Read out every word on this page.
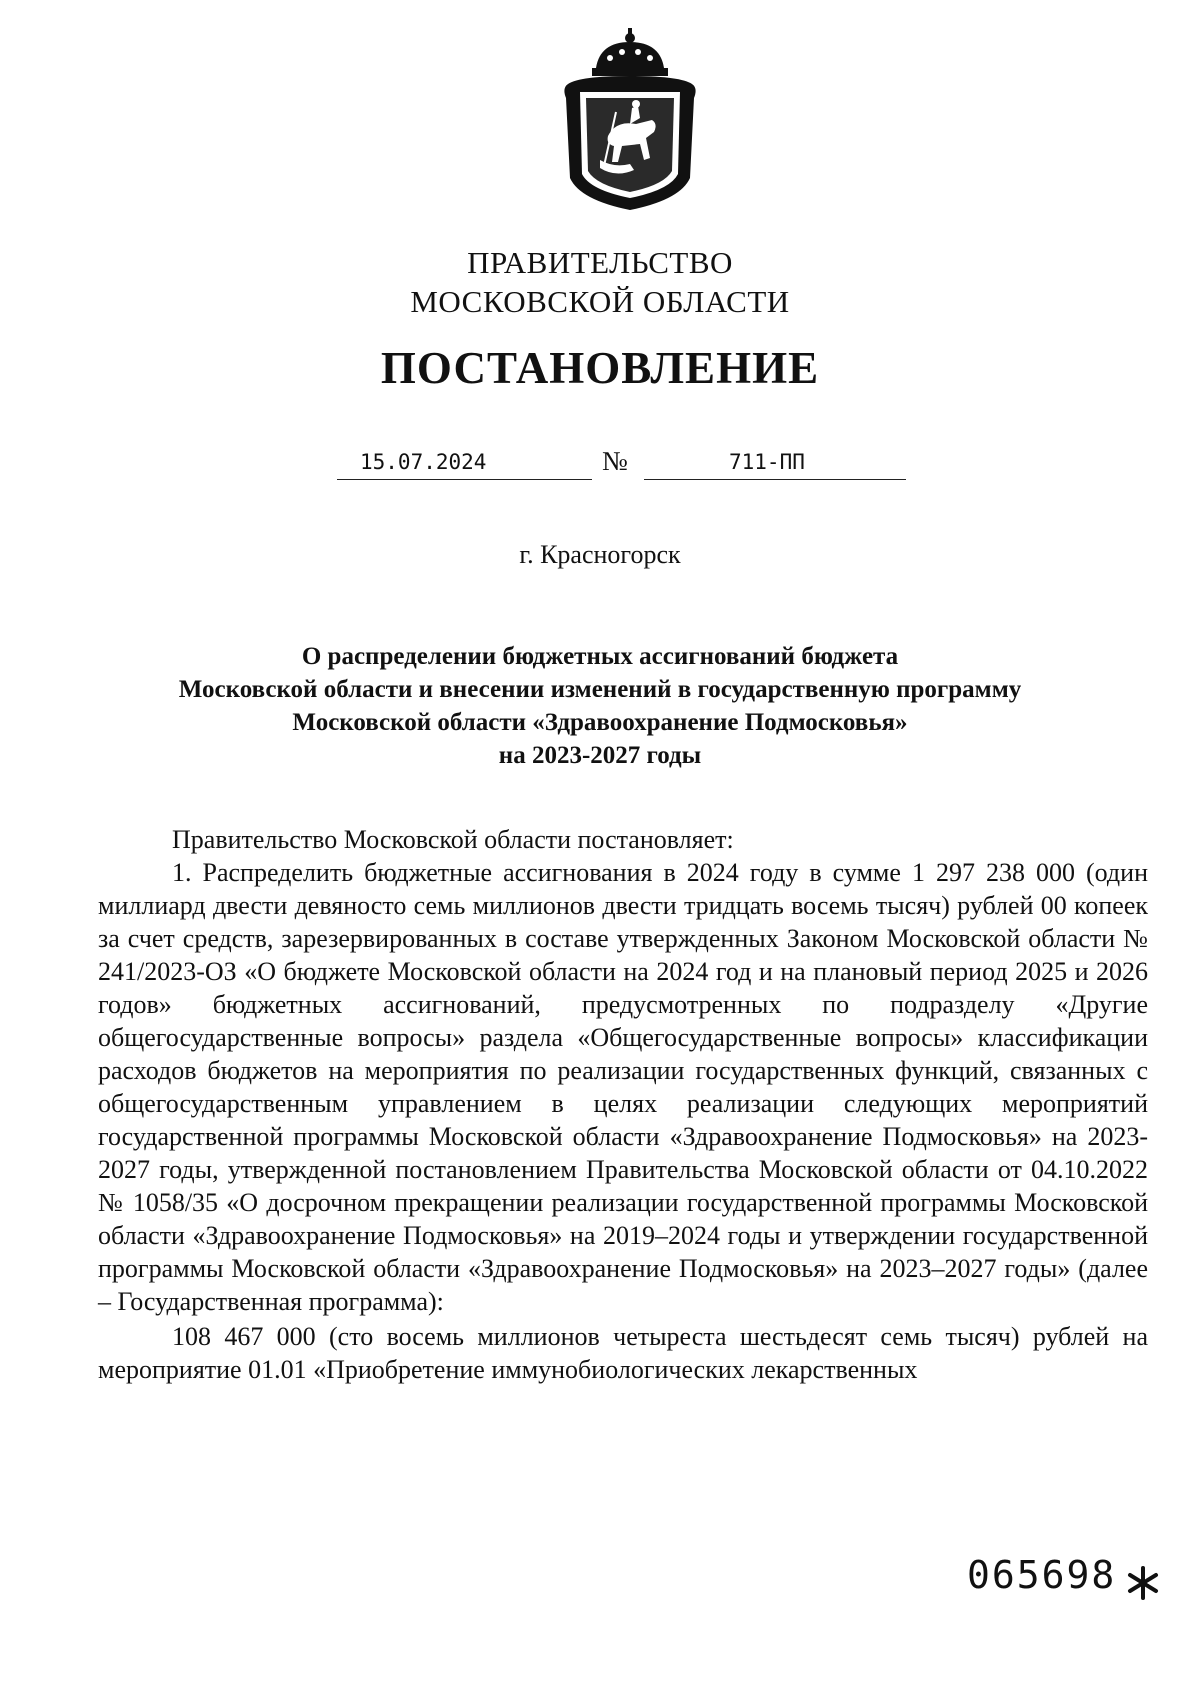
ПРАВИТЕЛЬСТВО
МОСКОВСКОЙ ОБЛАСТИ
ПОСТАНОВЛЕНИЕ
15.07.2024	№	711-ПП
г. Красногорск
О распределении бюджетных ассигнований бюджета
Московской области и внесении изменений в государственную программу
Московской области «Здравоохранение Подмосковья»
на 2023-2027 годы

Правительство Московской области постановляет:

1. Распределить бюджетные ассигнования в 2024 году в сумме 1 297 238 000 (один миллиард двести девяносто семь миллионов двести тридцать восемь тысяч) рублей 00 копеек за счет средств, зарезервированных в составе утвержденных Законом Московской области № 241/2023-ОЗ «О бюджете Московской области на 2024 год и на плановый период 2025 и 2026 годов» бюджетных ассигнований, предусмотренных по подразделу «Другие общегосударственные вопросы» раздела «Общегосударственные вопросы» классификации расходов бюджетов на мероприятия по реализации государственных функций, связанных с общегосударственным управлением в целях реализации следующих мероприятий государственной программы Московской области «Здравоохранение Подмосковья» на 2023-2027 годы, утвержденной постановлением Правительства Московской области от 04.10.2022 № 1058/35 «О досрочном прекращении реализации государственной программы Московской области «Здравоохранение Подмосковья» на 2019–2024 годы и утверждении государственной программы Московской области «Здравоохранение Подмосковья» на 2023–2027 годы» (далее – Государственная программа):

108 467 000 (сто восемь миллионов четыреста шестьдесят семь тысяч) рублей на мероприятие 01.01 «Приобретение иммунобиологических лекарственных

065698
